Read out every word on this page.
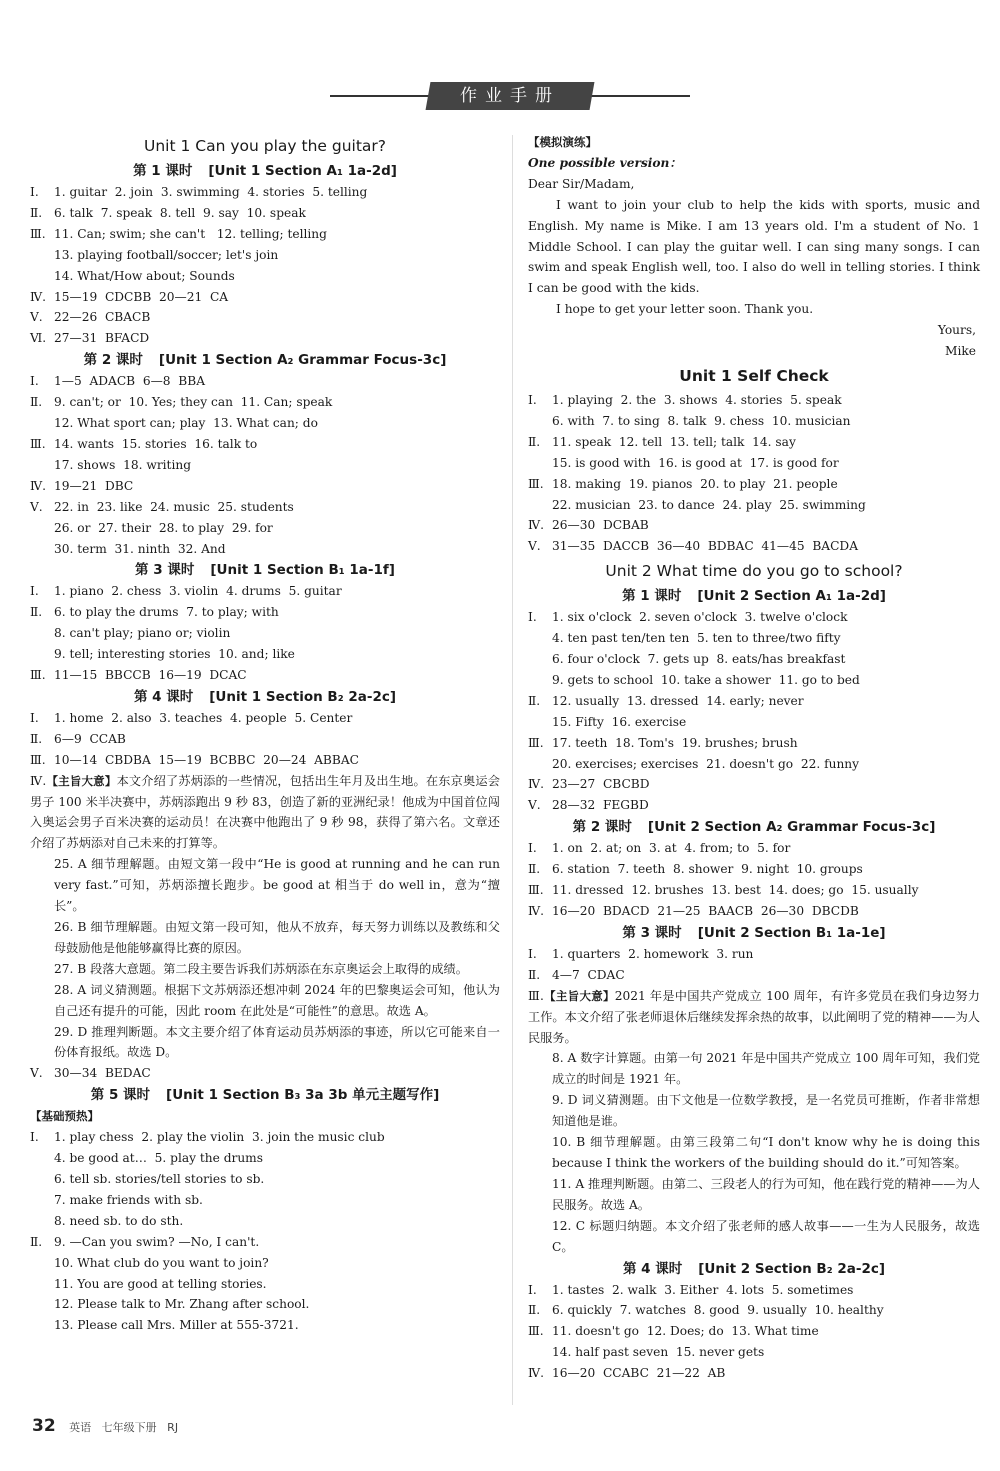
作业手册
Unit 1 Can you play the guitar?
第 1 课时 [Unit 1 Section A₁ 1a-2d]
Ⅰ.	1. guitar  2. join  3. swimming  4. stories  5. telling
Ⅱ. 6. talk  7. speak  8. tell  9. say  10. speak
Ⅲ. 11. Can; swim; she can't   12. telling; telling
13. playing football/soccer; let's join
14. What/How about; Sounds
Ⅳ. 15—19  CDCBB  20—21  CA
Ⅴ. 22—26  CBACB
Ⅵ. 27—31  BFACD
第 2 课时 [Unit 1 Section A₂ Grammar Focus-3c]
Ⅰ.	1—5  ADACB  6—8  BBA
Ⅱ. 9. can't; or  10. Yes; they can  11. Can; speak
12. What sport can; play  13. What can; do
Ⅲ. 14. wants  15. stories  16. talk to
17. shows  18. writing
Ⅳ. 19—21  DBC
Ⅴ. 22. in  23. like  24. music  25. students
26. or  27. their  28. to play  29. for
30. term  31. ninth  32. And
第 3 课时 [Unit 1 Section B₁ 1a-1f]
Ⅰ.	1. piano  2. chess  3. violin  4. drums  5. guitar
Ⅱ. 6. to play the drums  7. to play; with
8. can't play; piano or; violin
9. tell; interesting stories  10. and; like
Ⅲ. 11—15  BBCCB  16—19  DCAC
第 4 课时 [Unit 1 Section B₂ 2a-2c]
Ⅰ.	1. home  2. also  3. teaches  4. people  5. Center
Ⅱ. 6—9  CCAB
Ⅲ. 10—14  CBDBA  15—19  BCBBC  20—24  ABBAC
Ⅳ.【主旨大意】本文介绍了苏炳添的一些情况，包括出生年月及出生地。在东京奥运会男子 100 米半决赛中，苏炳添跑出 9 秒 83，创造了新的亚洲纪录！他成为中国首位闯入奥运会男子百米决赛的运动员！在决赛中他跑出了 9 秒 98，获得了第六名。文章还介绍了苏炳添对自己未来的打算等。
25. A 细节理解题。由短文第一段中“He is good at running and he can run very fast.”可知，苏炳添擅长跑步。be good at 相当于 do well in，意为“擅长”。
26. B 细节理解题。由短文第一段可知，他从不放弃，每天努力训练以及教练和父母鼓励他是他能够赢得比赛的原因。
27. B 段落大意题。第二段主要告诉我们苏炳添在东京奥运会上取得的成绩。
28. A 词义猜测题。根据下文苏炳添还想冲刺 2024 年的巴黎奥运会可知，他认为自己还有提升的可能，因此 room 在此处是“可能性”的意思。故选 A。
29. D 推理判断题。本文主要介绍了体育运动员苏炳添的事迹，所以它可能来自一份体育报纸。故选 D。
Ⅴ. 30—34  BEDAC
第 5 课时 [Unit 1 Section B₃ 3a 3b 单元主题写作]
【基础预热】
Ⅰ.	1. play chess  2. play the violin  3. join the music club
4. be good at…  5. play the drums
6. tell sb. stories/tell stories to sb.
7. make friends with sb.
8. need sb. to do sth.
Ⅱ. 9. —Can you swim? —No, I can't.
10. What club do you want to join?
11. You are good at telling stories.
12. Please talk to Mr. Zhang after school.
13. Please call Mrs. Miller at 555-3721.
【模拟演练】
One possible version：
Dear Sir/Madam,
I want to join your club to help the kids with sports, music and English. My name is Mike. I am 13 years old. I'm a student of No. 1 Middle School. I can play the guitar well. I can sing many songs. I can swim and speak English well, too. I also do well in telling stories. I think I can be good with the kids.
I hope to get your letter soon. Thank you.
Yours,
Mike
Unit 1 Self Check
Ⅰ.	1. playing  2. the  3. shows  4. stories  5. speak
6. with  7. to sing  8. talk  9. chess  10. musician
Ⅱ. 11. speak  12. tell  13. tell; talk  14. say
15. is good with  16. is good at  17. is good for
Ⅲ. 18. making  19. pianos  20. to play  21. people
22. musician  23. to dance  24. play  25. swimming
Ⅳ. 26—30  DCBAB
Ⅴ. 31—35  DACCB  36—40  BDBAC  41—45  BACDA
Unit 2 What time do you go to school?
第 1 课时 [Unit 2 Section A₁ 1a-2d]
Ⅰ.	1. six o'clock  2. seven o'clock  3. twelve o'clock
4. ten past ten/ten ten  5. ten to three/two fifty
6. four o'clock  7. gets up  8. eats/has breakfast
9. gets to school  10. take a shower  11. go to bed
Ⅱ. 12. usually  13. dressed  14. early; never
15. Fifty  16. exercise
Ⅲ. 17. teeth  18. Tom's  19. brushes; brush
20. exercises; exercises  21. doesn't go  22. funny
Ⅳ. 23—27  CBCBD
Ⅴ. 28—32  FEGBD
第 2 课时 [Unit 2 Section A₂ Grammar Focus-3c]
Ⅰ.	1. on  2. at; on  3. at  4. from; to  5. for
Ⅱ. 6. station  7. teeth  8. shower  9. night  10. groups
Ⅲ. 11. dressed  12. brushes  13. best  14. does; go  15. usually
Ⅳ. 16—20  BDACD  21—25  BAACB  26—30  DBCDB
第 3 课时 [Unit 2 Section B₁ 1a-1e]
Ⅰ.	1. quarters  2. homework  3. run
Ⅱ. 4—7  CDAC
Ⅲ.【主旨大意】2021 年是中国共产党成立 100 周年，有许多党员在我们身边努力工作。本文介绍了张老师退休后继续发挥余热的故事，以此阐明了党的精神——为人民服务。
8. A 数字计算题。由第一句 2021 年是中国共产党成立 100 周年可知，我们党成立的时间是 1921 年。
9. D 词义猜测题。由下文他是一位数学教授，是一名党员可推断，作者非常想知道他是谁。
10. B 细节理解题。由第三段第二句“I don't know why he is doing this because I think the workers of the building should do it.”可知答案。
11. A 推理判断题。由第二、三段老人的行为可知，他在践行党的精神——为人民服务。故选 A。
12. C 标题归纳题。本文介绍了张老师的感人故事——一生为人民服务，故选 C。
第 4 课时 [Unit 2 Section B₂ 2a-2c]
Ⅰ.	1. tastes  2. walk  3. Either  4. lots  5. sometimes
Ⅱ. 6. quickly  7. watches  8. good  9. usually  10. healthy
Ⅲ. 11. doesn't go  12. Does; do  13. What time
14. half past seven  15. never gets
Ⅳ. 16—20  CCABC  21—22  AB
32 英语 七年级下册 RJ
